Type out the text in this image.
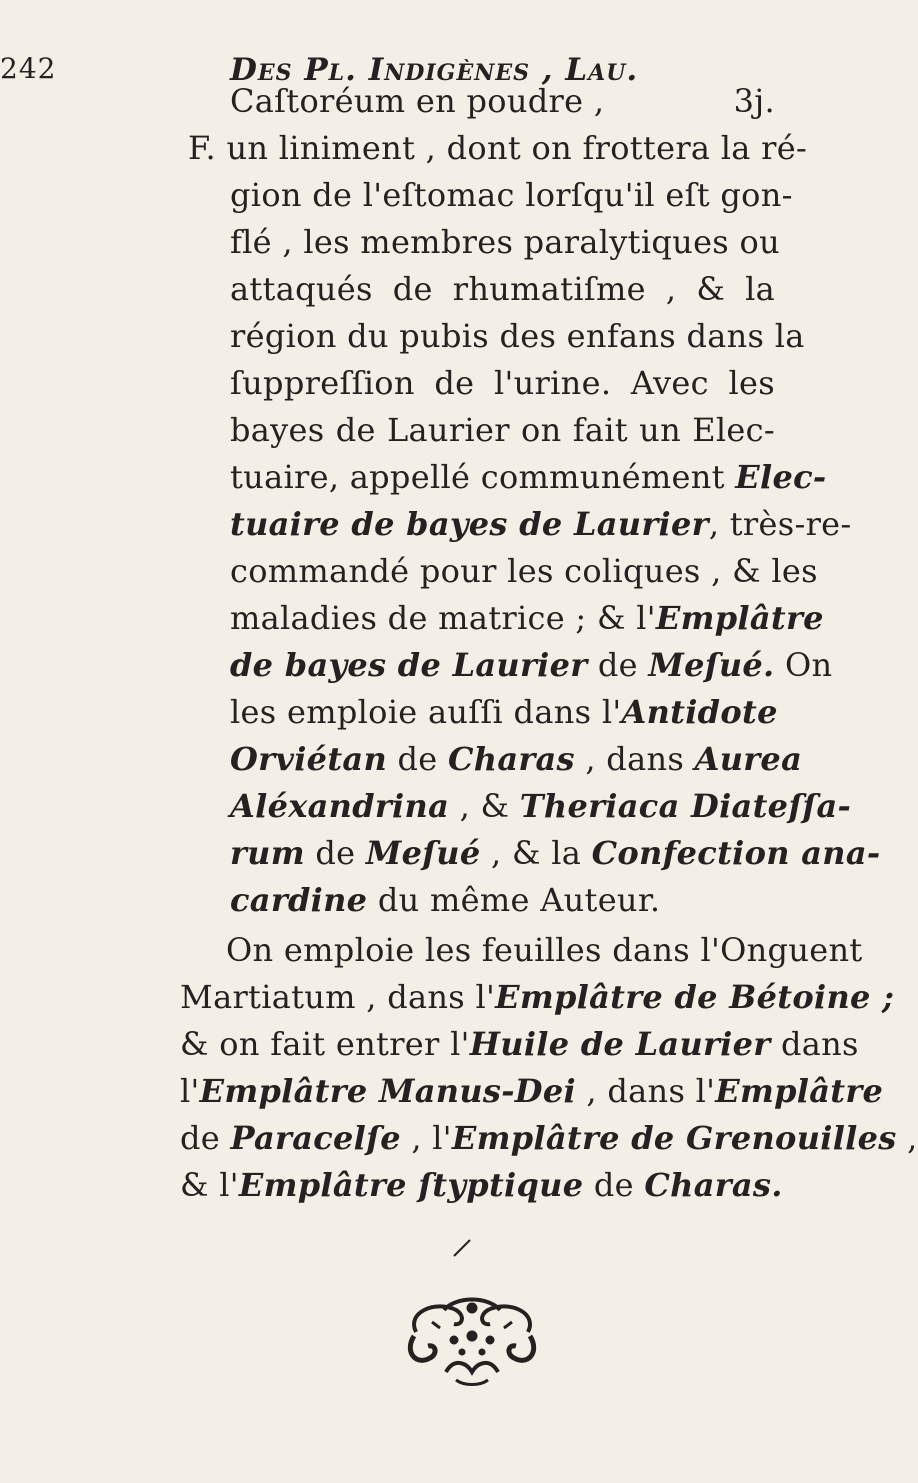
242	Des Pl. Indigènes , Lau.
Caſtoréum en poudre ,	3j.
F. un liniment , dont on frottera la ré-
gion de l'eſtomac lorſqu'il eſt gon-
flé , les membres paralytiques ou
attaqués de rhumatiſme , & la
région du pubis des enfans dans la
ſuppreſſion de l'urine. Avec les
bayes de Laurier on fait un Elec-
tuaire, appellé communément Elec-
tuaire de bayes de Laurier, très-re-
commandé pour les coliques , & les
maladies de matrice ; & l'Emplâtre
de bayes de Laurier de Meſué. On
les emploie auſſi dans l'Antidote
Orviétan de Charas , dans Aurea
Aléxandrina , & Theriaca Diateſſa-
rum de Meſué , & la Confection ana-
cardine du même Auteur.
On emploie les feuilles dans l'Onguent
Martiatum , dans l'Emplâtre de Bétoine ;
& on fait entrer l'Huile de Laurier dans
l'Emplâtre Manus-Dei , dans l'Emplâtre
de Paracelſe , l'Emplâtre de Grenouilles ,
& l'Emplâtre ſtyptique de Charas.
